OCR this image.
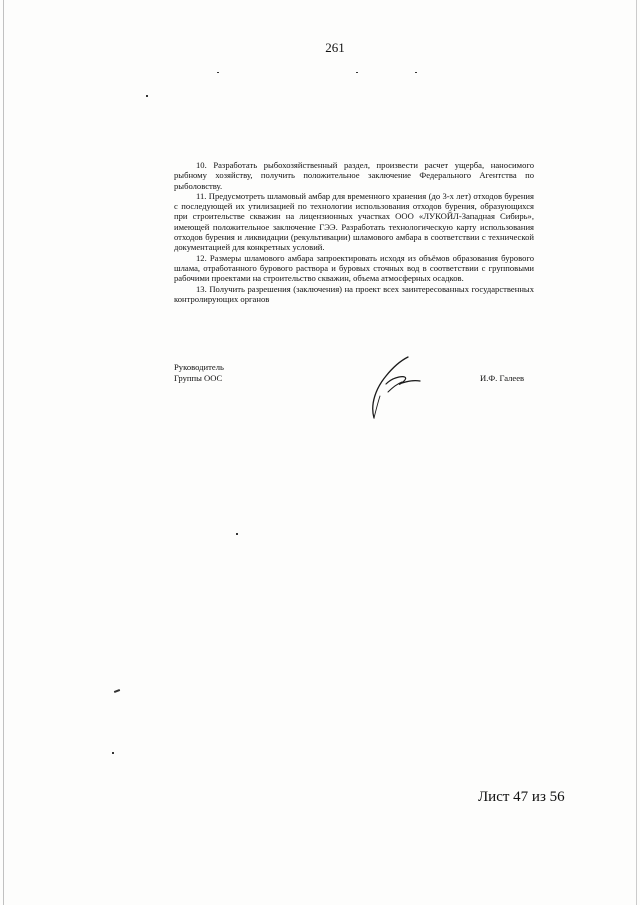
261

10. Разработать рыбохозяйственный раздел, произвести расчет ущерба, наносимого рыбному хозяйству, получить положительное заключение Федерального Агентства по рыболовству.

11. Предусмотреть шламовый амбар для временного хранения (до 3-х лет) отходов бурения с последующей их утилизацией по технологии использования отходов бурения, образующихся при строительстве скважин на лицензионных участках ООО «ЛУКОЙЛ-Западная Сибирь», имеющей положительное заключение ГЭЭ. Разработать технологическую карту использования отходов бурения и ликвидации (рекультивации) шламового амбара в соответствии с технической документацией для конкретных условий.

12. Размеры шламового амбара запроектировать исходя из объёмов образования бурового шлама, отработанного бурового раствора и буровых сточных вод в соответствии с групповыми рабочими проектами на строительство скважин, объема атмосферных осадков.

13. Получить разрешения (заключения) на проект всех заинтересованных государственных контролирующих органов

Руководитель
Группы ООС	И.Ф. Галеев
Лист 47 из 56
